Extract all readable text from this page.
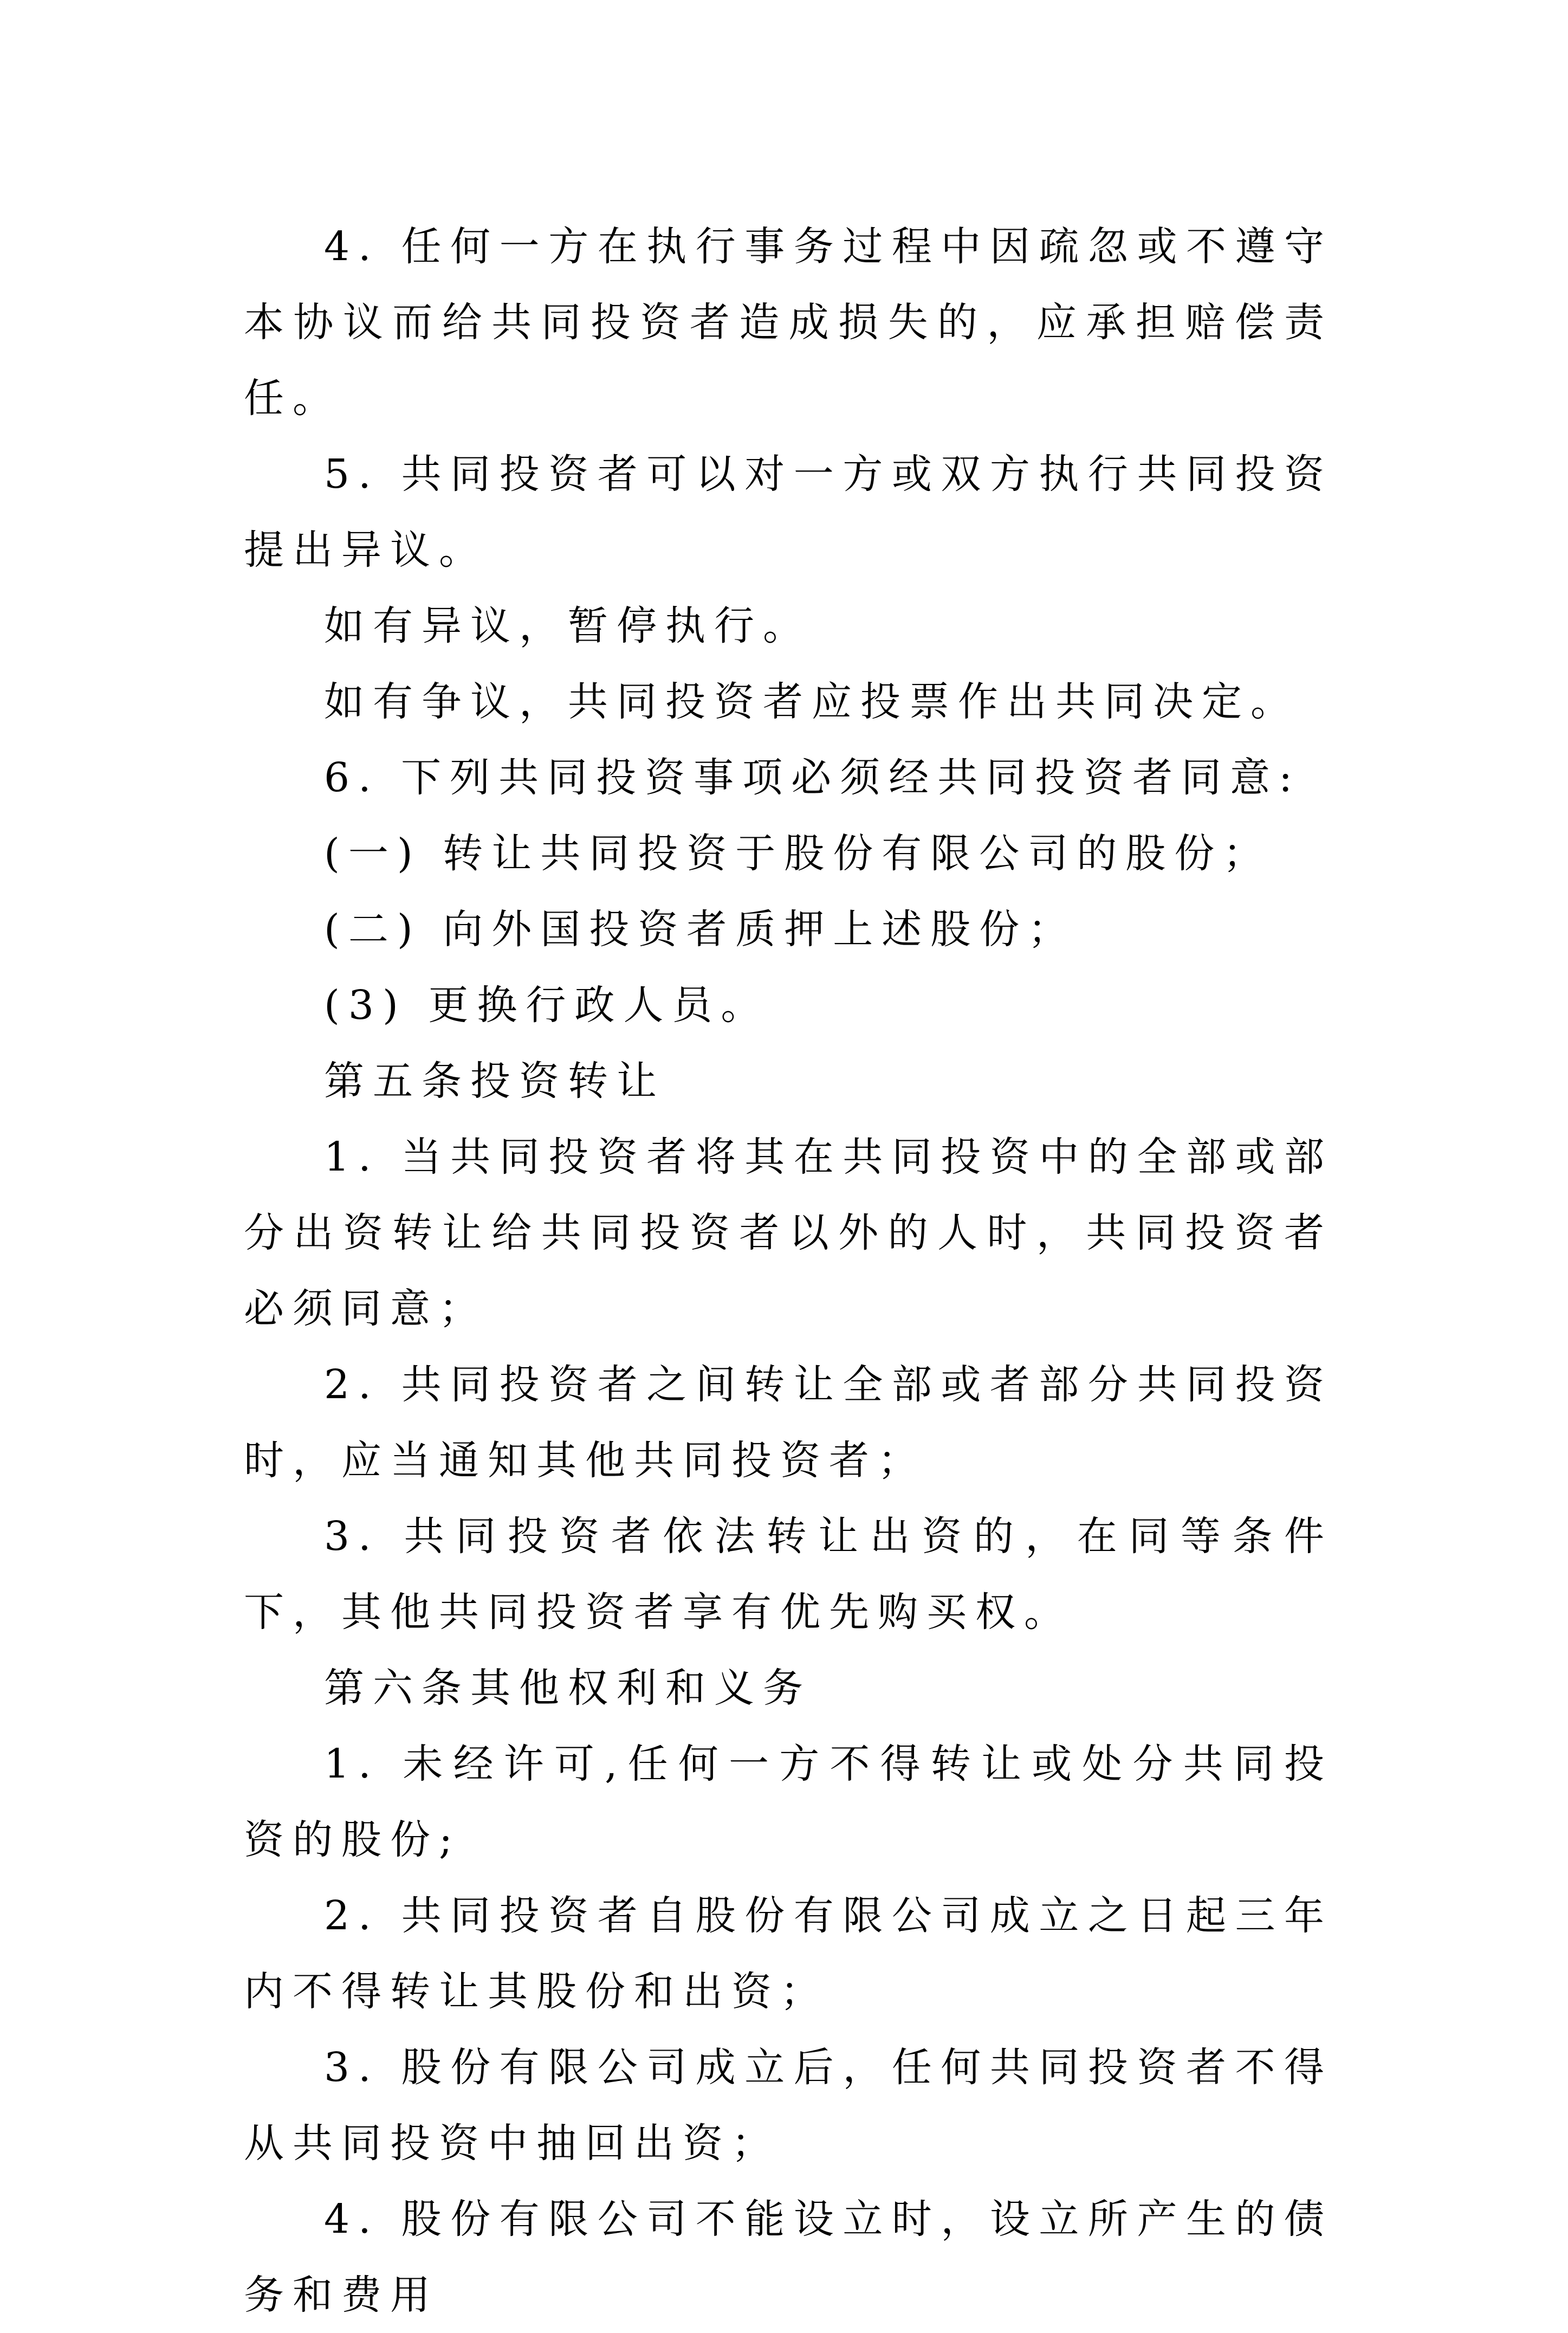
4. 任何一方在执行事务过程中因疏忽或不遵守本协议而给共同投资者造成损失的，应承担赔偿责任。

5. 共同投资者可以对一方或双方执行共同投资提出异议。

如有异议，暂停执行。

如有争议，共同投资者应投票作出共同决定。

6. 下列共同投资事项必须经共同投资者同意:

(一) 转让共同投资于股份有限公司的股份；

(二) 向外国投资者质押上述股份；

(3) 更换行政人员。

第五条投资转让

1. 当共同投资者将其在共同投资中的全部或部分出资转让给共同投资者以外的人时，共同投资者必须同意；

2. 共同投资者之间转让全部或者部分共同投资时，应当通知其他共同投资者；

3. 共同投资者依法转让出资的，在同等条件下，其他共同投资者享有优先购买权。

第六条其他权利和义务

1. 未经许可,任何一方不得转让或处分共同投资的股份;

2. 共同投资者自股份有限公司成立之日起三年内不得转让其股份和出资；

3. 股份有限公司成立后，任何共同投资者不得从共同投资中抽回出资；

4. 股份有限公司不能设立时，设立所产生的债务和费用
